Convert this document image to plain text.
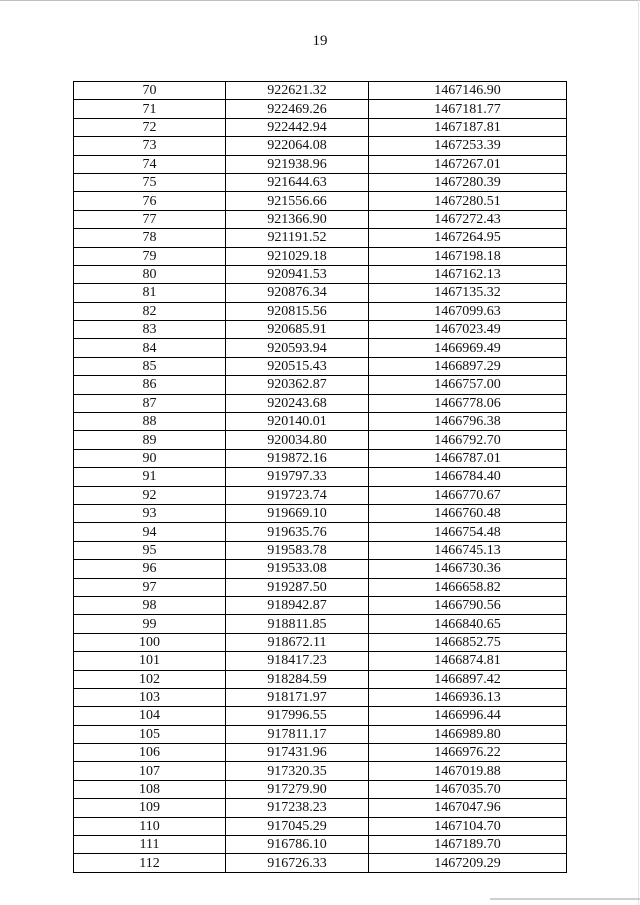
19
70	922621.32	1467146.90
71	922469.26	1467181.77
72	922442.94	1467187.81
73	922064.08	1467253.39
74	921938.96	1467267.01
75	921644.63	1467280.39
76	921556.66	1467280.51
77	921366.90	1467272.43
78	921191.52	1467264.95
79	921029.18	1467198.18
80	920941.53	1467162.13
81	920876.34	1467135.32
82	920815.56	1467099.63
83	920685.91	1467023.49
84	920593.94	1466969.49
85	920515.43	1466897.29
86	920362.87	1466757.00
87	920243.68	1466778.06
88	920140.01	1466796.38
89	920034.80	1466792.70
90	919872.16	1466787.01
91	919797.33	1466784.40
92	919723.74	1466770.67
93	919669.10	1466760.48
94	919635.76	1466754.48
95	919583.78	1466745.13
96	919533.08	1466730.36
97	919287.50	1466658.82
98	918942.87	1466790.56
99	918811.85	1466840.65
100	918672.11	1466852.75
101	918417.23	1466874.81
102	918284.59	1466897.42
103	918171.97	1466936.13
104	917996.55	1466996.44
105	917811.17	1466989.80
106	917431.96	1466976.22
107	917320.35	1467019.88
108	917279.90	1467035.70
109	917238.23	1467047.96
110	917045.29	1467104.70
111	916786.10	1467189.70
112	916726.33	1467209.29
